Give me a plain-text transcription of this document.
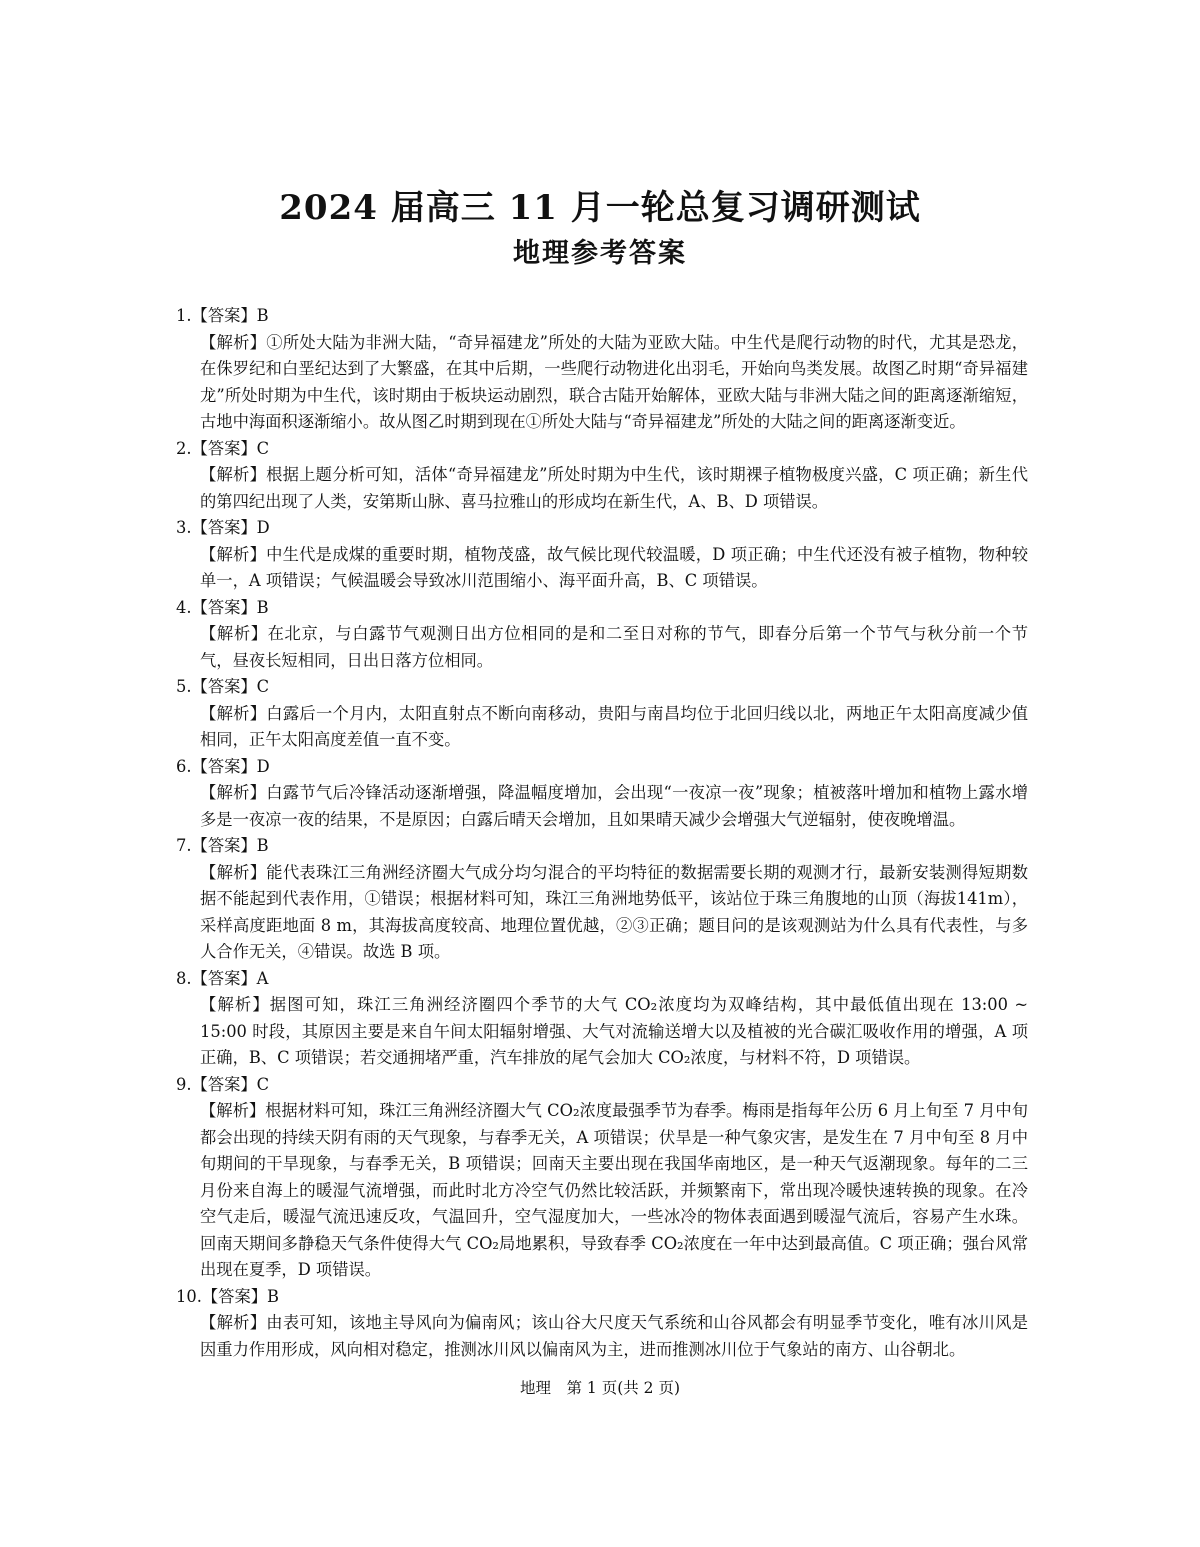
2024 届高三 11 月一轮总复习调研测试
地理参考答案

1.【答案】B

【解析】①所处大陆为非洲大陆，“奇异福建龙”所处的大陆为亚欧大陆。中生代是爬行动物的时代，尤其是恐龙，在侏罗纪和白垩纪达到了大繁盛，在其中后期，一些爬行动物进化出羽毛，开始向鸟类发展。故图乙时期“奇异福建龙”所处时期为中生代，该时期由于板块运动剧烈，联合古陆开始解体，亚欧大陆与非洲大陆之间的距离逐渐缩短，古地中海面积逐渐缩小。故从图乙时期到现在①所处大陆与“奇异福建龙”所处的大陆之间的距离逐渐变近。

2.【答案】C

【解析】根据上题分析可知，活体“奇异福建龙”所处时期为中生代，该时期裸子植物极度兴盛，C 项正确；新生代的第四纪出现了人类，安第斯山脉、喜马拉雅山的形成均在新生代，A、B、D 项错误。

3.【答案】D

【解析】中生代是成煤的重要时期，植物茂盛，故气候比现代较温暖，D 项正确；中生代还没有被子植物，物种较单一，A 项错误；气候温暖会导致冰川范围缩小、海平面升高，B、C 项错误。

4.【答案】B

【解析】在北京，与白露节气观测日出方位相同的是和二至日对称的节气，即春分后第一个节气与秋分前一个节气，昼夜长短相同，日出日落方位相同。

5.【答案】C

【解析】白露后一个月内，太阳直射点不断向南移动，贵阳与南昌均位于北回归线以北，两地正午太阳高度减少值相同，正午太阳高度差值一直不变。

6.【答案】D

【解析】白露节气后冷锋活动逐渐增强，降温幅度增加，会出现“一夜凉一夜”现象；植被落叶增加和植物上露水增多是一夜凉一夜的结果，不是原因；白露后晴天会增加，且如果晴天减少会增强大气逆辐射，使夜晚增温。

7.【答案】B

【解析】能代表珠江三角洲经济圈大气成分均匀混合的平均特征的数据需要长期的观测才行，最新安装测得短期数据不能起到代表作用，①错误；根据材料可知，珠江三角洲地势低平，该站位于珠三角腹地的山顶（海拔141m），采样高度距地面 8 m，其海拔高度较高、地理位置优越，②③正确；题目问的是该观测站为什么具有代表性，与多人合作无关，④错误。故选 B 项。

8.【答案】A

【解析】据图可知，珠江三角洲经济圈四个季节的大气 CO₂浓度均为双峰结构，其中最低值出现在 13:00 ~ 15:00 时段，其原因主要是来自午间太阳辐射增强、大气对流输送增大以及植被的光合碳汇吸收作用的增强，A 项正确，B、C 项错误；若交通拥堵严重，汽车排放的尾气会加大 CO₂浓度，与材料不符，D 项错误。

9.【答案】C

【解析】根据材料可知，珠江三角洲经济圈大气 CO₂浓度最强季节为春季。梅雨是指每年公历 6 月上旬至 7 月中旬都会出现的持续天阴有雨的天气现象，与春季无关，A 项错误；伏旱是一种气象灾害，是发生在 7 月中旬至 8 月中旬期间的干旱现象，与春季无关，B 项错误；回南天主要出现在我国华南地区，是一种天气返潮现象。每年的二三月份来自海上的暖湿气流增强，而此时北方冷空气仍然比较活跃，并频繁南下，常出现冷暖快速转换的现象。在冷空气走后，暖湿气流迅速反攻，气温回升，空气湿度加大，一些冰冷的物体表面遇到暖湿气流后，容易产生水珠。回南天期间多静稳天气条件使得大气 CO₂局地累积，导致春季 CO₂浓度在一年中达到最高值。C 项正确；强台风常出现在夏季，D 项错误。

10.【答案】B

【解析】由表可知，该地主导风向为偏南风；该山谷大尺度天气系统和山谷风都会有明显季节变化，唯有冰川风是因重力作用形成，风向相对稳定，推测冰川风以偏南风为主，进而推测冰川位于气象站的南方、山谷朝北。

地理　第 1 页(共 2 页)
